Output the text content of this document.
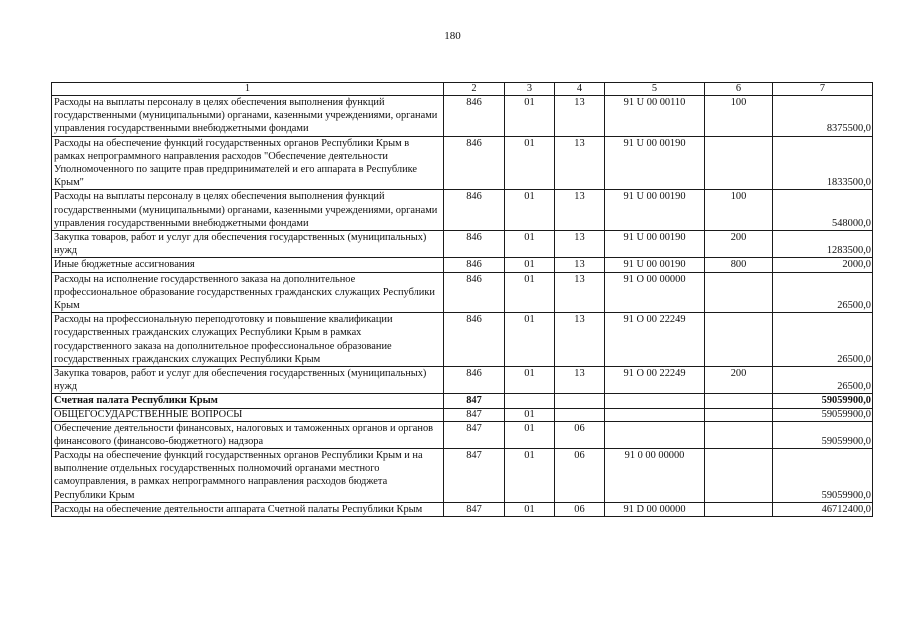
180
1	2	3	4	5	6	7
Расходы на выплаты персоналу в целях обеспечения выполнения функций государственными (муниципальными) органами, казенными учреждениями, органами управления государственными внебюджетными фондами	846	01	13	91 U 00 00110	100	8375500,0
Расходы на обеспечение функций государственных органов Республики Крым в рамках непрограммного направления расходов "Обеспечение деятельности Уполномоченного по защите прав предпринимателей и его аппарата в Республике Крым"	846	01	13	91 U 00 00190		1833500,0
Расходы на выплаты персоналу в целях обеспечения выполнения функций государственными (муниципальными) органами, казенными учреждениями, органами управления государственными внебюджетными фондами	846	01	13	91 U 00 00190	100	548000,0
Закупка товаров, работ и услуг для обеспечения государственных (муниципальных) нужд	846	01	13	91 U 00 00190	200	1283500,0
Иные бюджетные ассигнования	846	01	13	91 U 00 00190	800	2000,0
Расходы на исполнение государственного заказа на дополнительное профессиональное образование государственных гражданских служащих Республики Крым	846	01	13	91 О 00 00000		26500,0
Расходы на профессиональную переподготовку и повышение квалификации государственных гражданских служащих Республики Крым в рамках государственного заказа на дополнительное профессиональное образование государственных гражданских служащих Республики Крым	846	01	13	91 О 00 22249		26500,0
Закупка товаров, работ и услуг для обеспечения государственных (муниципальных) нужд	846	01	13	91 О 00 22249	200	26500,0
Счетная палата Республики Крым	847					59059900,0
ОБЩЕГОСУДАРСТВЕННЫЕ ВОПРОСЫ	847	01				59059900,0
Обеспечение деятельности финансовых, налоговых и таможенных органов и органов финансового (финансово-бюджетного) надзора	847	01	06			59059900,0
Расходы на обеспечение функций государственных органов Республики Крым и на выполнение отдельных государственных полномочий органами местного самоуправления, в рамках непрограммного направления расходов бюджета Республики Крым	847	01	06	91 0 00 00000		59059900,0
Расходы на обеспечение деятельности аппарата Счетной палаты Республики Крым	847	01	06	91 D 00 00000		46712400,0
